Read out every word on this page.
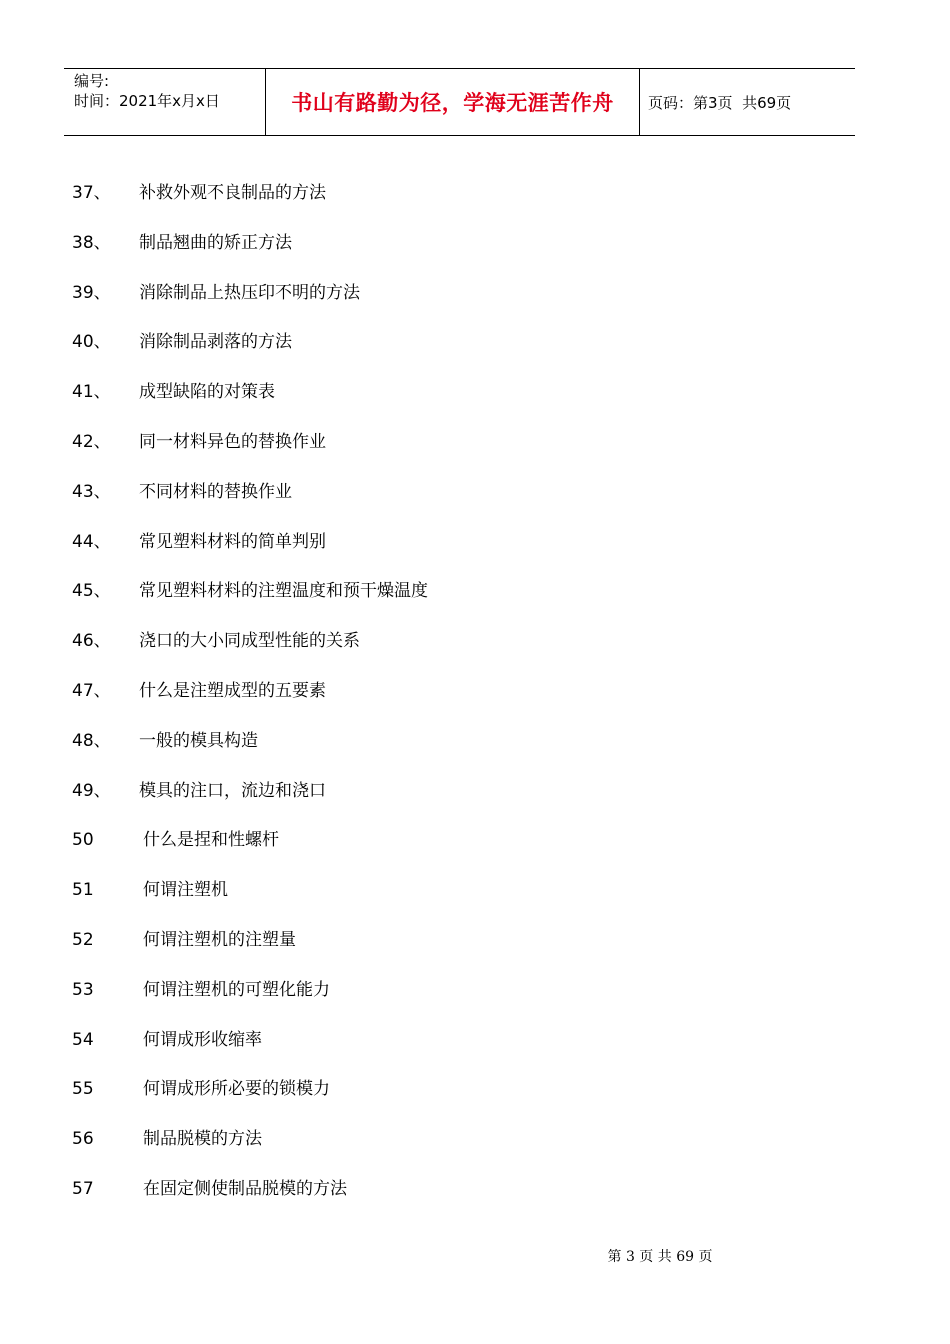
编号:
时间：2021年x月x日	书山有路勤为径，学海无涯苦作舟 页码：第3页  共69页
37、 补救外观不良制品的方法
38、 制品翘曲的矫正方法
39、 消除制品上热压印不明的方法
40、 消除制品剥落的方法
41、 成型缺陷的对策表
42、 同一材料异色的替换作业
43、 不同材料的替换作业
44、 常见塑料材料的简单判别
45、 常见塑料材料的注塑温度和预干燥温度
46、 浇口的大小同成型性能的关系
47、 什么是注塑成型的五要素
48、 一般的模具构造
49、 模具的注口，流边和浇口
50	什么是捏和性螺杆
51	何谓注塑机
52	何谓注塑机的注塑量
53	何谓注塑机的可塑化能力
54	何谓成形收缩率
55	何谓成形所必要的锁模力
56	制品脱模的方法
57	在固定侧使制品脱模的方法
第 3 页 共 69 页
